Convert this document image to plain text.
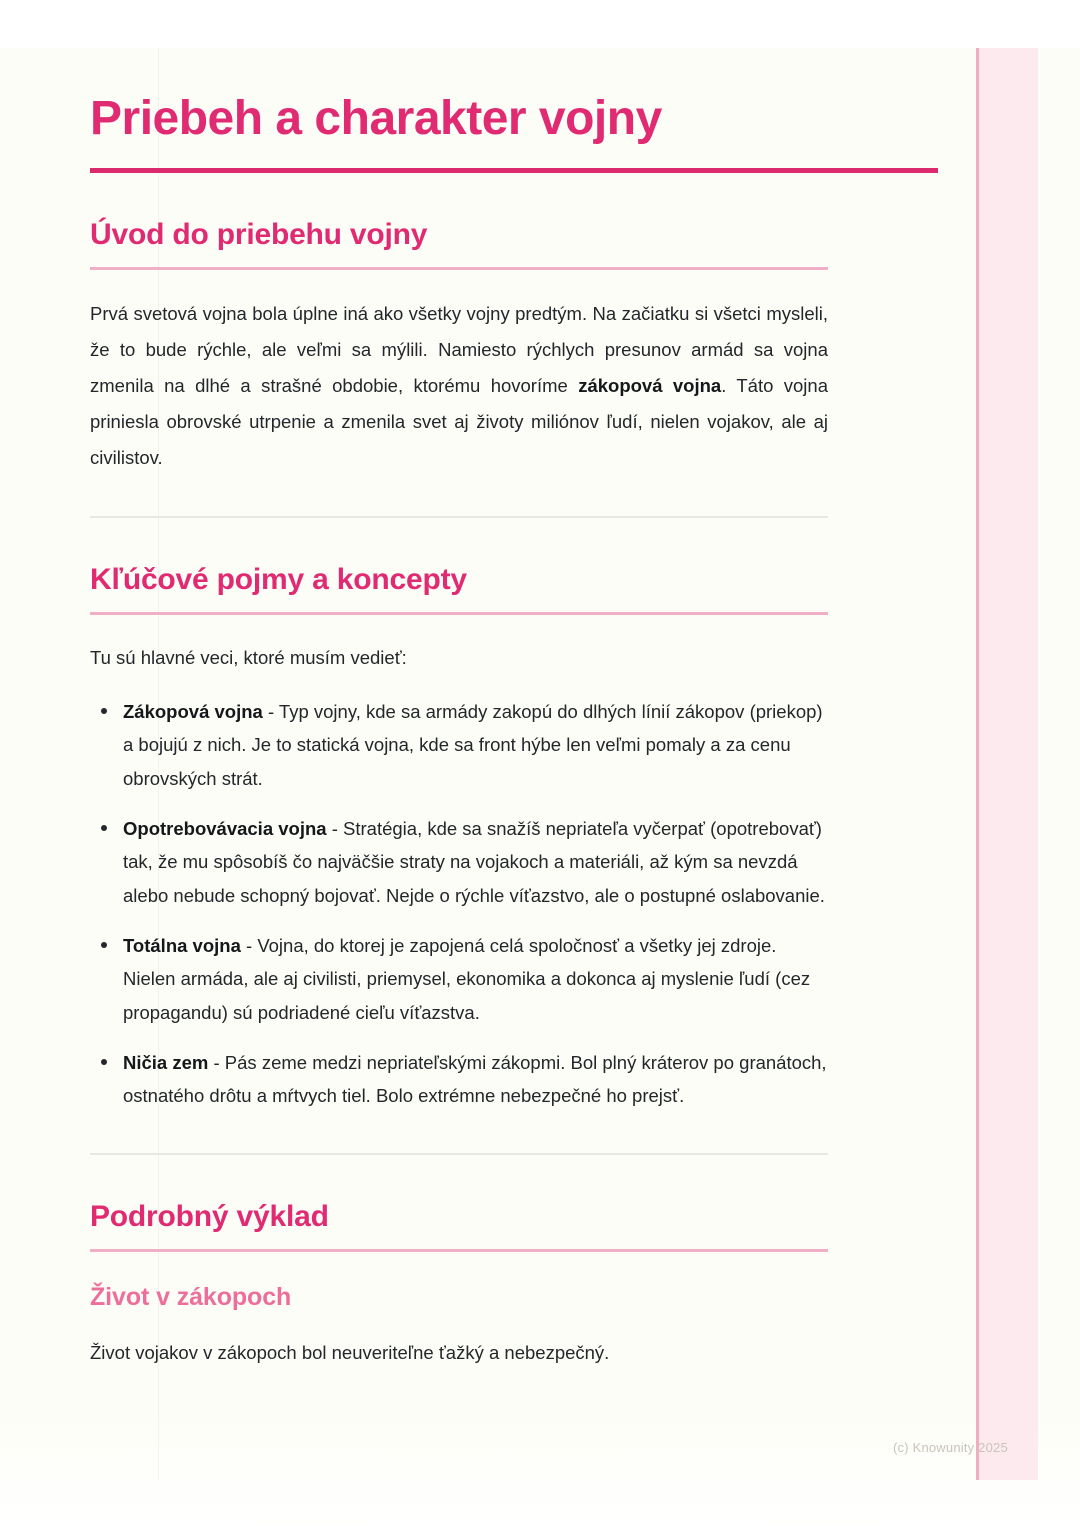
Priebeh a charakter vojny
Úvod do priebehu vojny

Prvá svetová vojna bola úplne iná ako všetky vojny predtým. Na začiatku si všetci mysleli, že to bude rýchle, ale veľmi sa mýlili. Namiesto rýchlych presunov armád sa vojna zmenila na dlhé a strašné obdobie, ktorému hovoríme zákopová vojna. Táto vojna priniesla obrovské utrpenie a zmenila svet aj životy miliónov ľudí, nielen vojakov, ale aj civilistov.

Kľúčové pojmy a koncepty

Tu sú hlavné veci, ktoré musím vedieť:

Zákopová vojna - Typ vojny, kde sa armády zakopú do dlhých línií zákopov (priekop) a bojujú z nich. Je to statická vojna, kde sa front hýbe len veľmi pomaly a za cenu obrovských strát.
Opotrebovávacia vojna - Stratégia, kde sa snažíš nepriateľa vyčerpať (opotrebovať) tak, že mu spôsobíš čo najväčšie straty na vojakoch a materiáli, až kým sa nevzdá alebo nebude schopný bojovať. Nejde o rýchle víťazstvo, ale o postupné oslabovanie.
Totálna vojna - Vojna, do ktorej je zapojená celá spoločnosť a všetky jej zdroje. Nielen armáda, ale aj civilisti, priemysel, ekonomika a dokonca aj myslenie ľudí (cez propagandu) sú podriadené cieľu víťazstva.
Ničia zem - Pás zeme medzi nepriateľskými zákopmi. Bol plný kráterov po granátoch, ostnatého drôtu a mŕtvych tiel. Bolo extrémne nebezpečné ho prejsť.
Podrobný výklad
Život v zákopoch

Život vojakov v zákopoch bol neuveriteľne ťažký a nebezpečný.

(c) Knowunity 2025
